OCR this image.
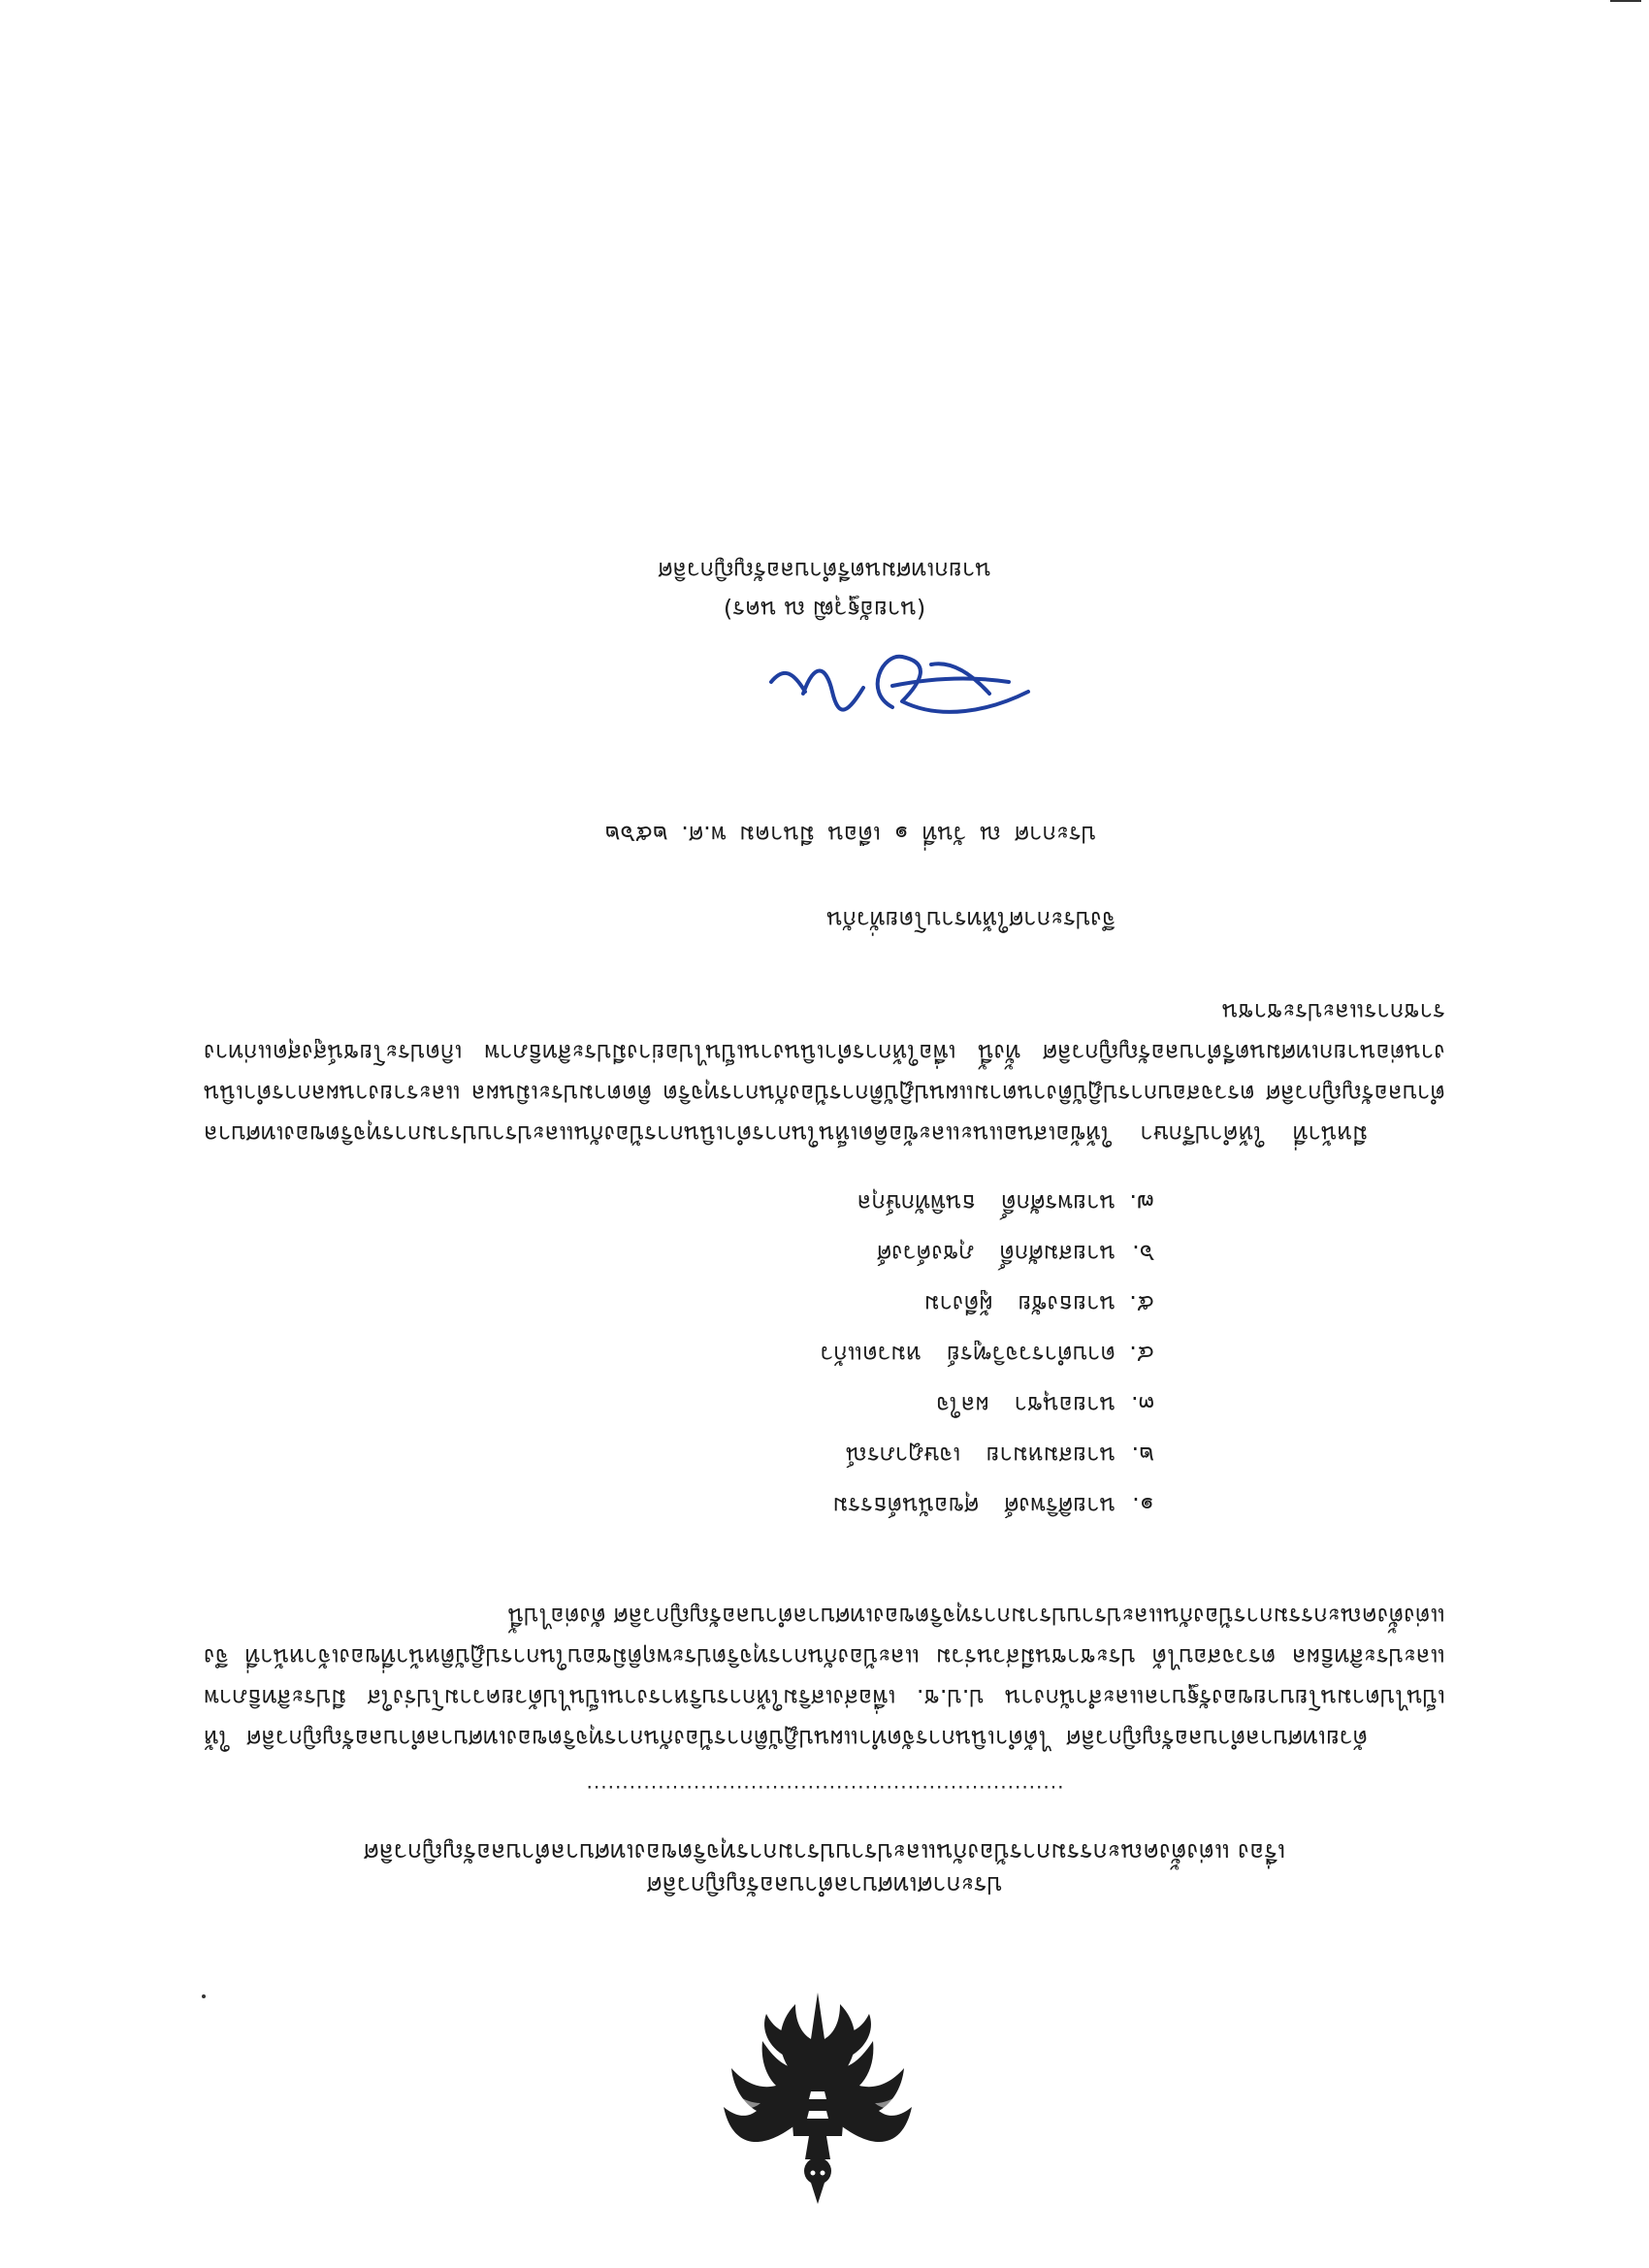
ประกาศเทศบาลตำบลอรัญญิกวลิศ
เรื่อง แต่งตั้งคณะกรรมการป้องกันและปราบปรามการทุจริตของเทศบาลตำบลอรัญญิกวลิศ
...................................................................

ด้วยเทศบาลตำบลอรัญญิกวลิศ ได้ดำเนินการจัดทำแผนปฏิบัติการป้องกันการทุจริตของเทศบาลตำบลอรัญญิกวลิศ ให้เป็นไปตามนโยบายของรัฐบาลและสำนักงาน ป.ป.ช. เพื่อส่งเสริมให้การบริหารงานเป็นไปด้วยความโปร่งใส มีประสิทธิภาพและประสิทธิผล ตรวจสอบได้ ประชาชนมีส่วนร่วม และป้องกันการทุจริตประพฤติมิชอบในการปฏิบัติหน้าที่ของเจ้าหน้าที่ จึงแต่งตั้งคณะกรรมการป้องกันและปราบปรามการทุจริตของเทศบาลตำบลอรัญญิกวลิศ ดังต่อไปนี้

๑.นายศิริพงศ์ศุขอนันต์ธรรม
๒.นายสมหมายเจษฎาภรณ์
๓.นายอนุชาผลใจ
๔.ดาบตำรวจวิฑูรย์หมวดแก้ว
๕.นายธงชัยผู้ดีงาม
๖.นายสมศักดิ์ภุชงค์วงศ์
๗.นายพรศักดิ์ธนพิทักษ์กุล

มีหน้าที่ ให้คำปรึกษา ให้ข้อเสนอแนะและข้อคิดเห็นในการดำเนินการป้องกันและปราบปรามการทุจริตของเทศบาลตำบลอรัญญิกวลิศ ตรวจสอบการปฏิบัติงานตามแผนปฏิบัติการป้องกันการทุจริต ติดตามประเมินผล และรายงานผลการดำเนินงานต่อนายกเทศมนตรีตำบลอรัญญิกวลิศ ทั้งนี้ เพื่อให้การดำเนินงานเป็นไปอย่างมีประสิทธิภาพ เกิดประโยชน์สูงสุดแก่ทางราชการและประชาชน

จึงประกาศให้ทราบโดยทั่วกัน
ประกาศ ณ วันที่ ๑ เดือน มีนาคม พ.ศ. ๒๕๖๒
(นายอัฐวุฒิ ณ นคร)
นายกเทศมนตรีตำบลอรัญญิกวลิศ
